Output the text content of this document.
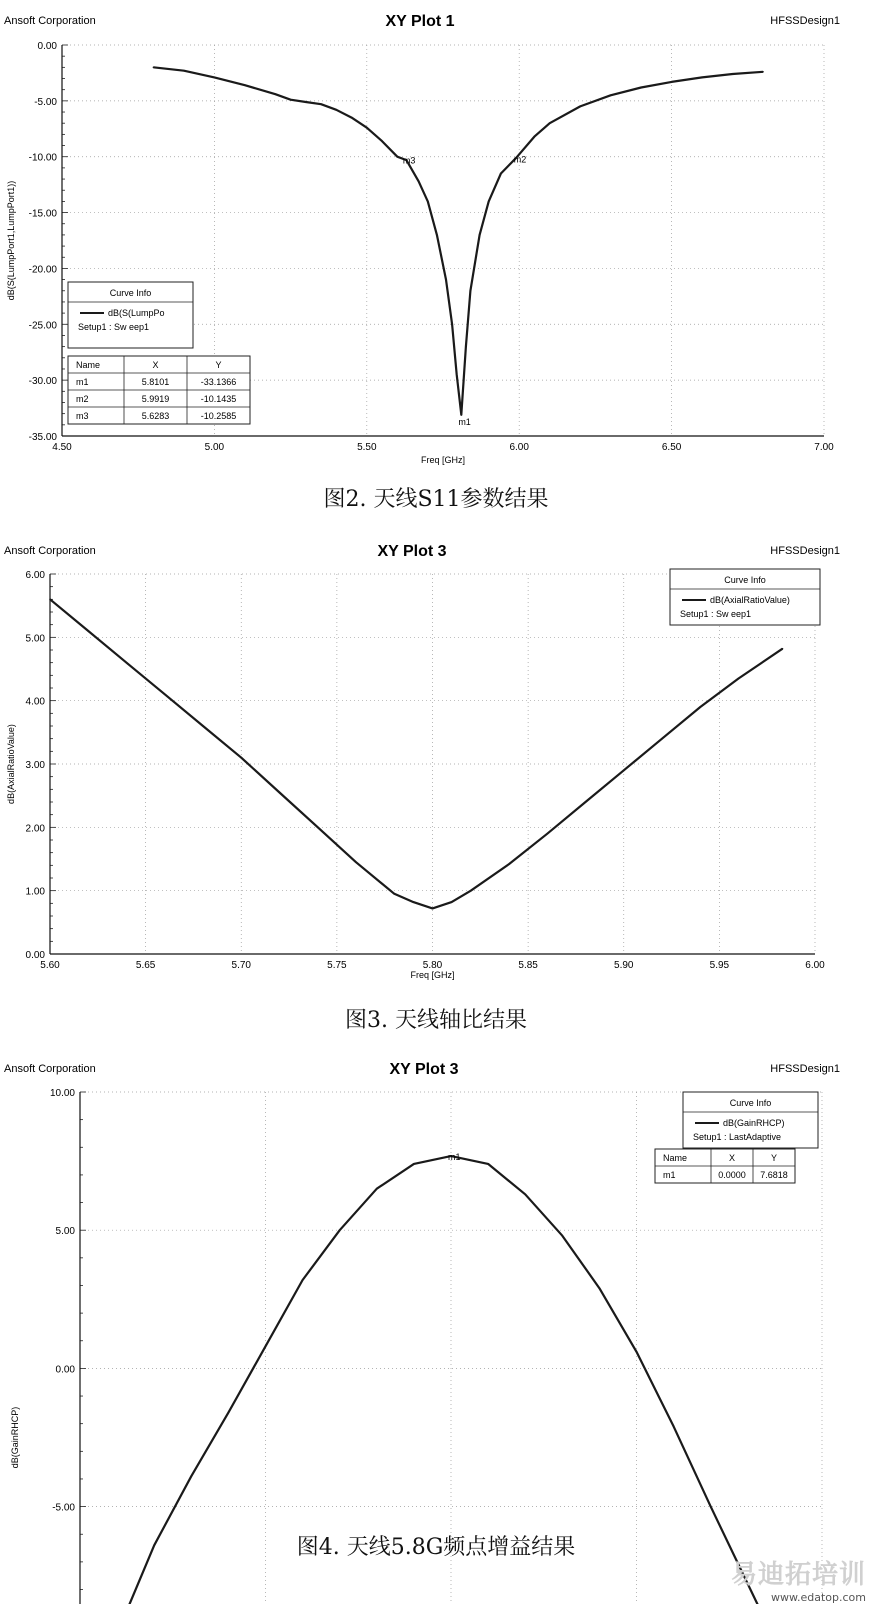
Ansoft Corporation	XY Plot 1	HFSSDesign1
4.50	5.00	5.50	6.00	6.50	7.00
0.00
-5.00
-10.00
-15.00
-20.00
-25.00
-30.00
-35.00
Freq [GHz]
dB(S(LumpPort1,LumpPort1))
m1
m2
m3
Curve Info
dB(S(LumpPo
Setup1 : Sw eep1
Name	X	Y
m1	5.8101	-33.1366
m2	5.9919	-10.1435
m3	5.6283	-10.2585
图2. 天线S11参数结果
Ansoft Corporation	XY Plot 3	HFSSDesign1
5.60	5.65	5.70	5.75	5.80	5.85	5.90	5.95	6.00
6.00
5.00
4.00
3.00
2.00
1.00
0.00
Freq [GHz]
dB(AxialRatioValue)
Curve Info
dB(AxialRatioValue)
Setup1 : Sw eep1
图3. 天线轴比结果
Ansoft Corporation	XY Plot 3	HFSSDesign1
10.00
5.00
0.00
-5.00
dB(GainRHCP)
m1
Curve Info
dB(GainRHCP)
Setup1 : LastAdaptive
Name	X	Y
m1	0.0000 7.6818
图4. 天线5.8G频点增益结果
易迪拓培训
www.edatop.com
